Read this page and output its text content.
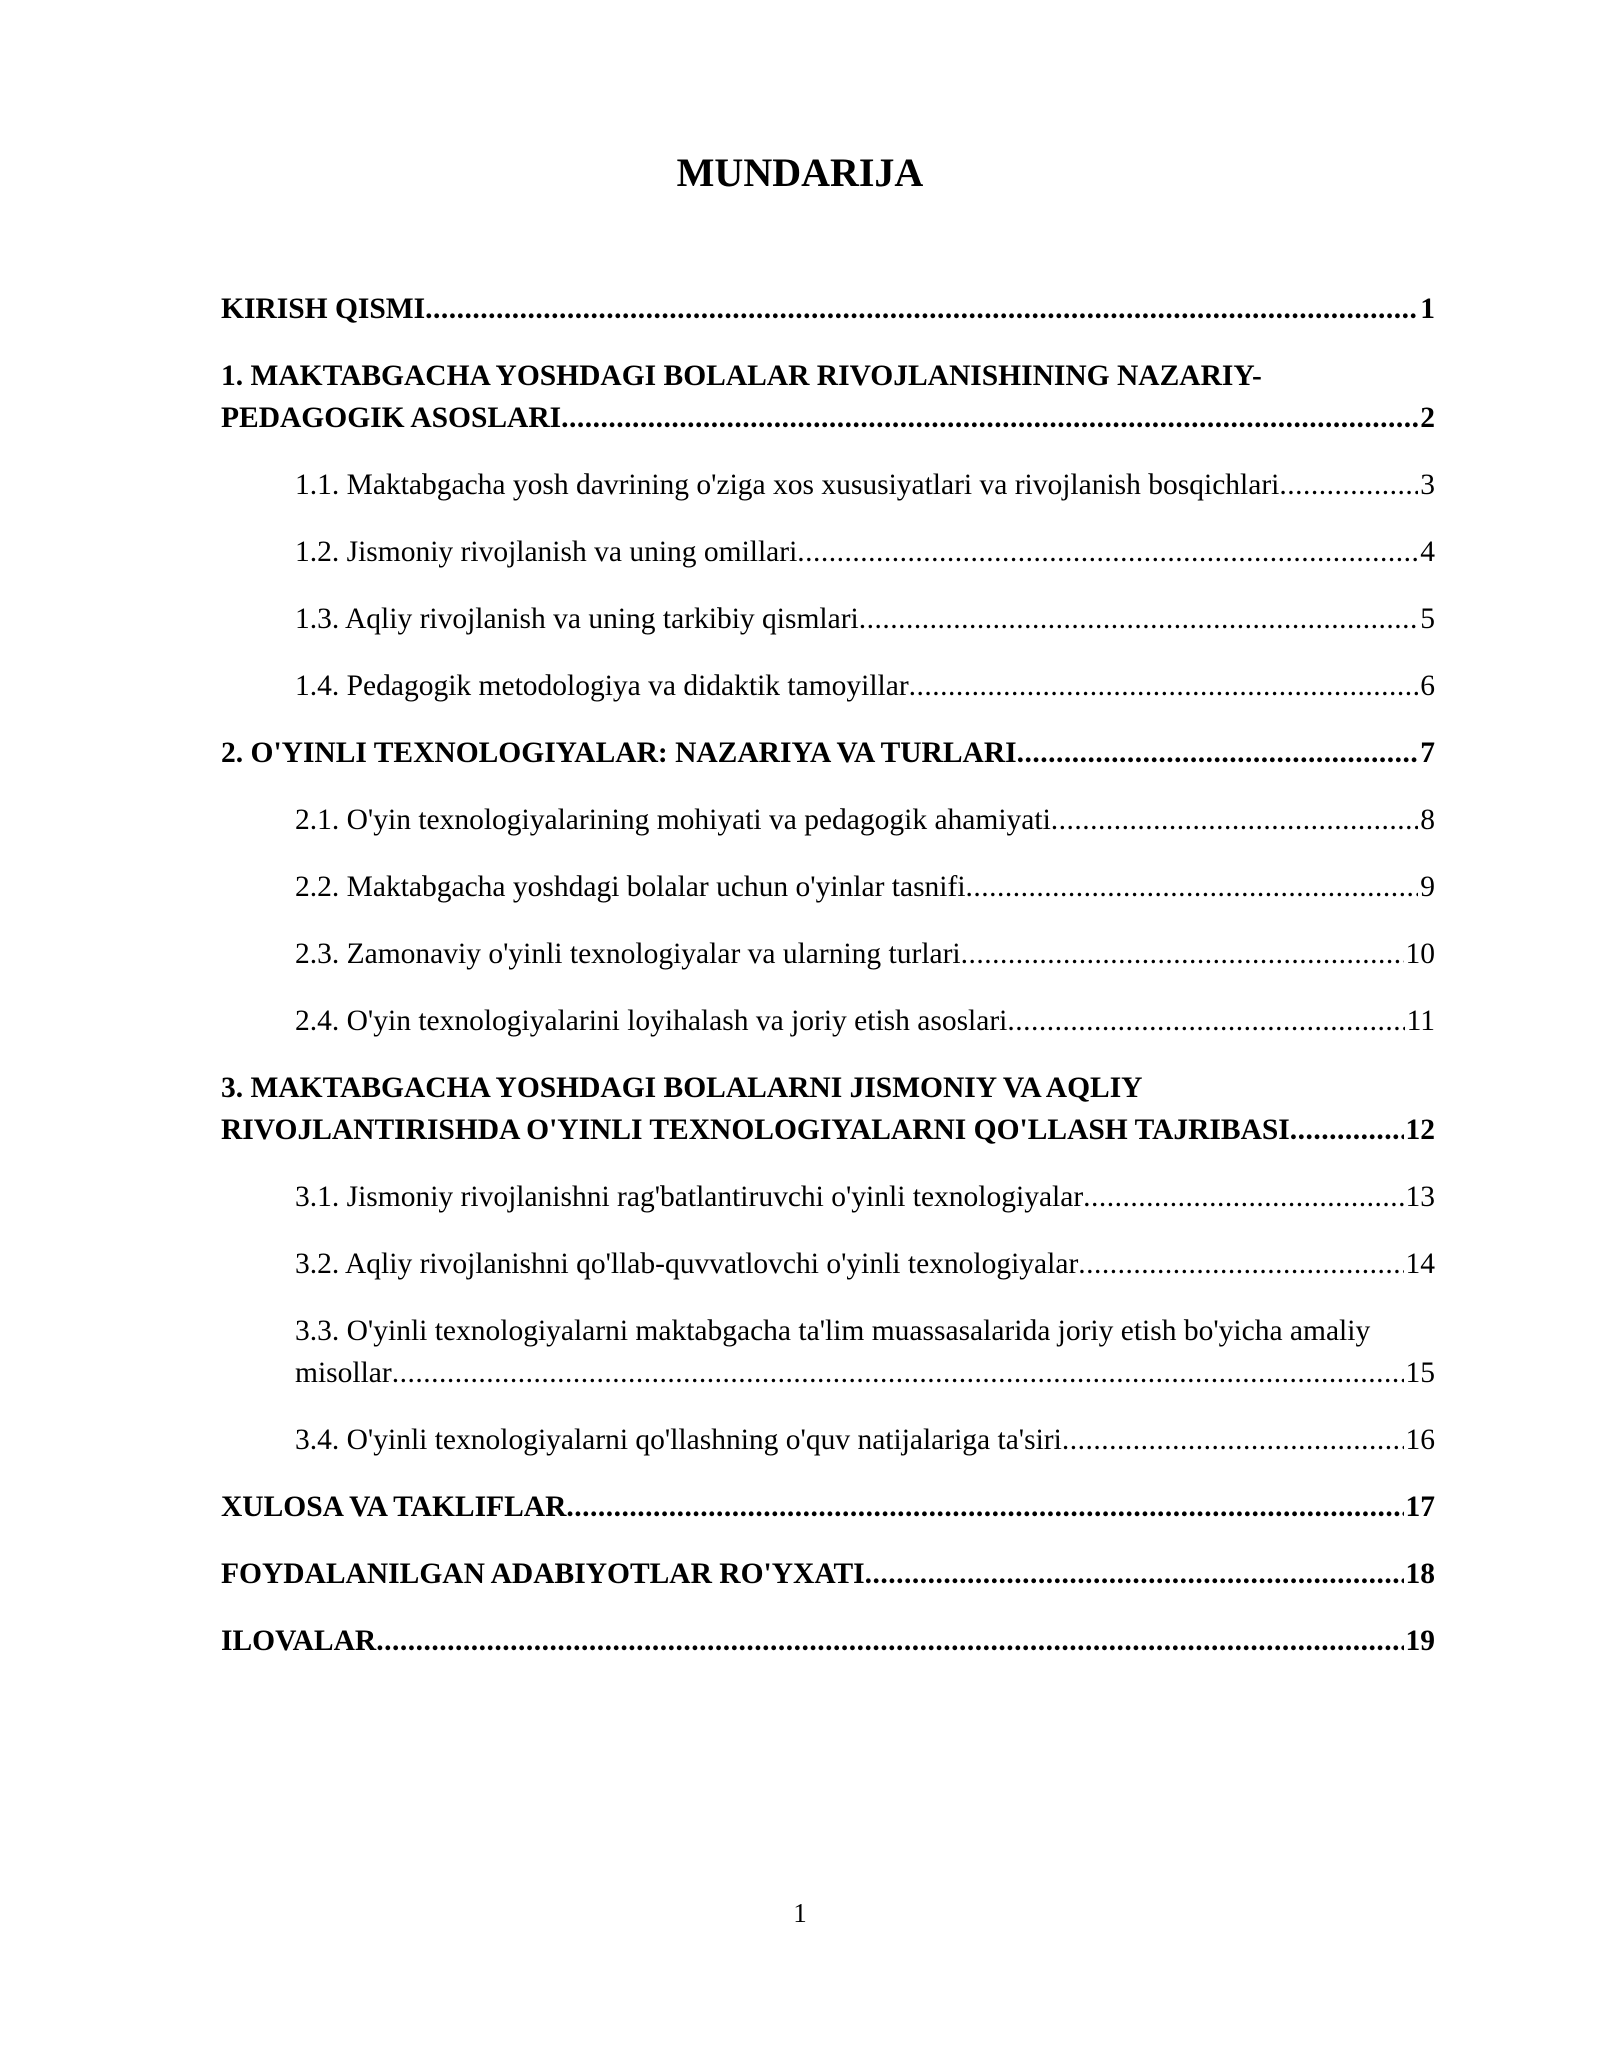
MUNDARIJA
KIRISH QISMI .....	1
1. MAKTABGACHA YOSHDAGI BOLALAR RIVOJLANISHINING NAZARIY-
PEDAGOGIK ASOSLARI .....	2
1.1. Maktabgacha yosh davrining o'ziga xos xususiyatlari va rivojlanish bosqichlari .....	3
1.2. Jismoniy rivojlanish va uning omillari .....	4
1.3. Aqliy rivojlanish va uning tarkibiy qismlari .....	5
1.4. Pedagogik metodologiya va didaktik tamoyillar .....	6
2. O'YINLI TEXNOLOGIYALAR: NAZARIYA VA TURLARI .....	7
2.1. O'yin texnologiyalarining mohiyati va pedagogik ahamiyati .....	8
2.2. Maktabgacha yoshdagi bolalar uchun o'yinlar tasnifi .....	9
2.3. Zamonaviy o'yinli texnologiyalar va ularning turlari .....	10
2.4. O'yin texnologiyalarini loyihalash va joriy etish asoslari .....	11
3. MAKTABGACHA YOSHDAGI BOLALARNI JISMONIY VA AQLIY
RIVOJLANTIRISHDA O'YINLI TEXNOLOGIYALARNI QO'LLASH TAJRIBASI .....	12
3.1. Jismoniy rivojlanishni rag'batlantiruvchi o'yinli texnologiyalar .....	13
3.2. Aqliy rivojlanishni qo'llab-quvvatlovchi o'yinli texnologiyalar .....	14
3.3. O'yinli texnologiyalarni maktabgacha ta'lim muassasalarida joriy etish bo'yicha amaliy
misollar .....	15
3.4. O'yinli texnologiyalarni qo'llashning o'quv natijalariga ta'siri .....	16
XULOSA VA TAKLIFLAR .....	17
FOYDALANILGAN ADABIYOTLAR RO'YXATI .....	18
ILOVALAR .....	19
1
